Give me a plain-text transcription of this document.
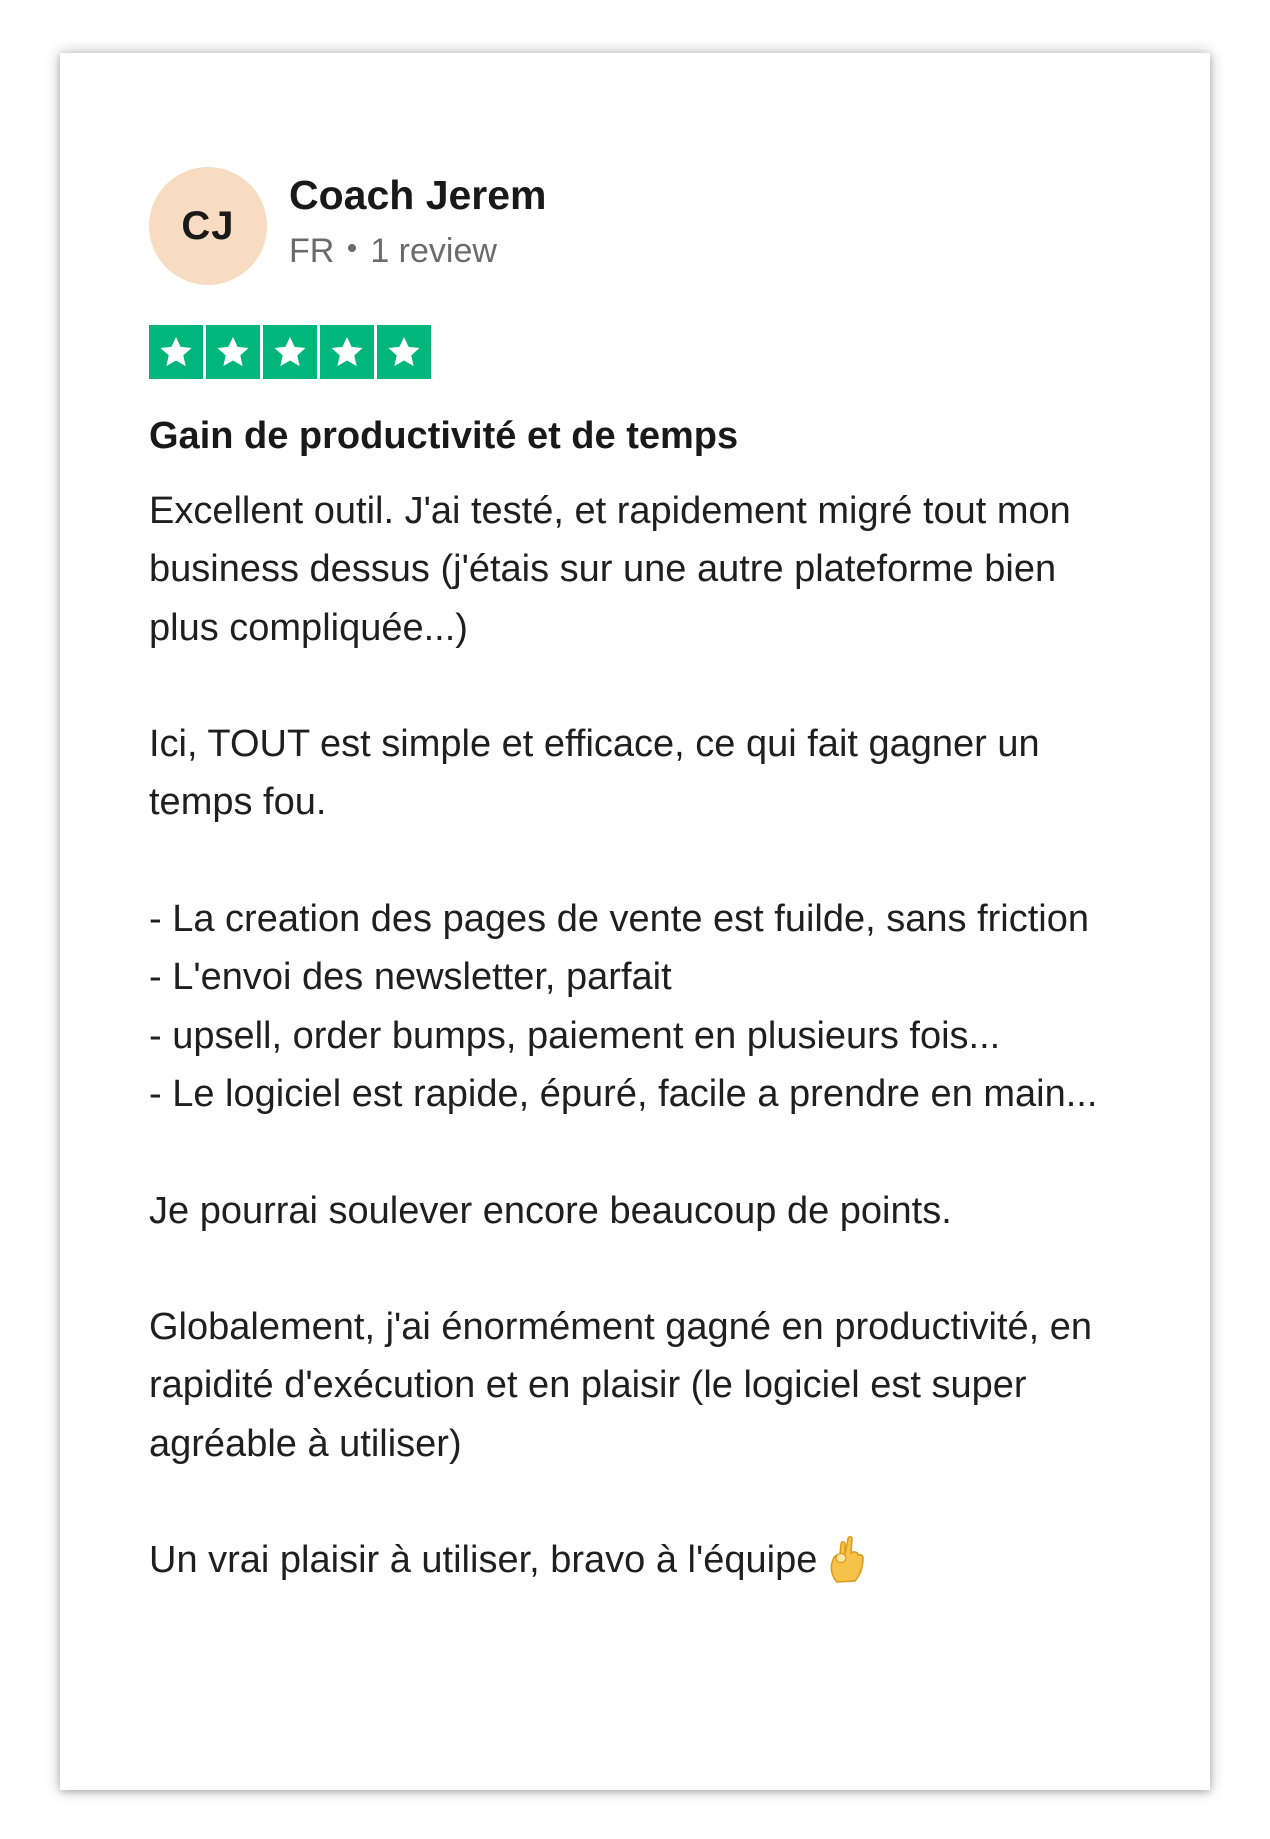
CJ
Coach Jerem
FR 1 review
Gain de productivité et de temps

Excellent outil. J'ai testé, et rapidement migré tout mon business dessus (j'étais sur une autre plateforme bien plus compliquée...)

Ici, TOUT est simple et efficace, ce qui fait gagner un temps fou.

- La creation des pages de vente est fuilde, sans friction
- L'envoi des newsletter, parfait
- upsell, order bumps, paiement en plusieurs fois...
- Le logiciel est rapide, épuré, facile a prendre en main...

Je pourrai soulever encore beaucoup de points.

Globalement, j'ai énormément gagné en productivité, en rapidité d'exécution et en plaisir (le logiciel est super agréable à utiliser)

Un vrai plaisir à utiliser, bravo à l'équipe
